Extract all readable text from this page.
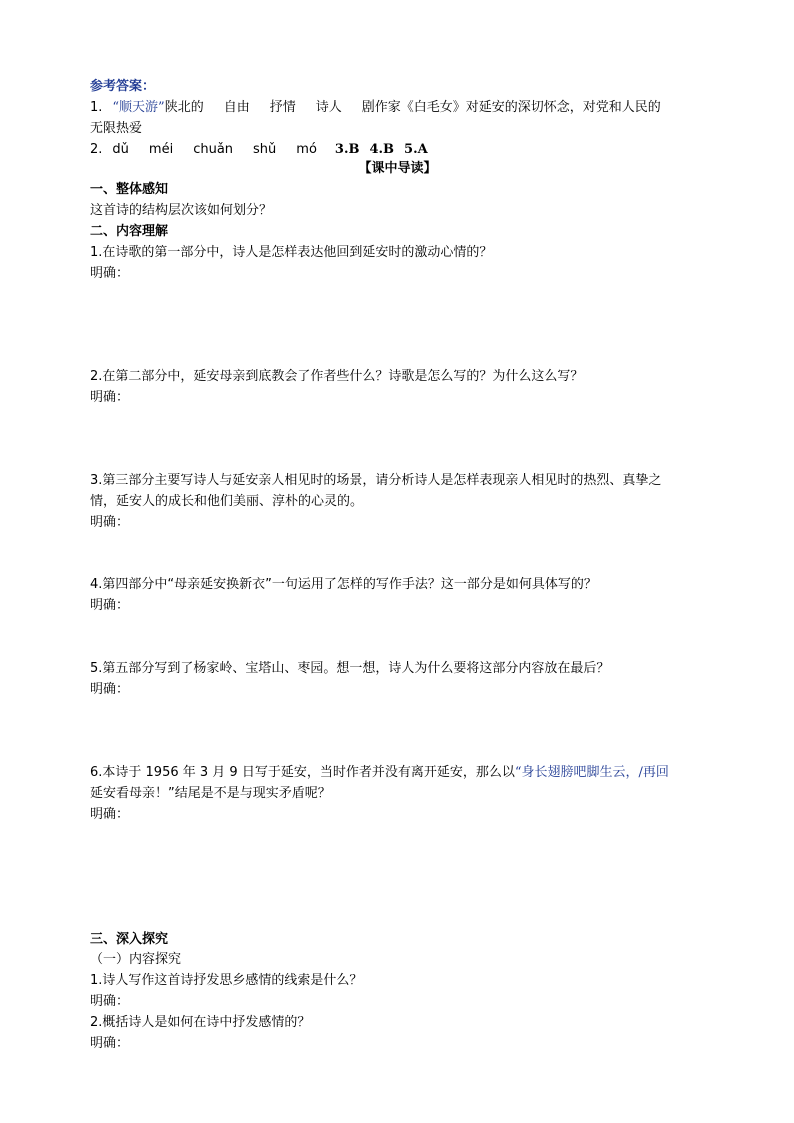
参考答案：
1. “顺天游”陕北的 自由 抒情 诗人 剧作家《白毛女》对延安的深切怀念，对党和人民的
无限热爱
2. dǔ méi chuǎn shǔ mó 3.B 4.B 5.A
【课中导读】
一、整体感知
这首诗的结构层次该如何划分？
二、内容理解
1.在诗歌的第一部分中，诗人是怎样表达他回到延安时的激动心情的？
明确：
2.在第二部分中，延安母亲到底教会了作者些什么？诗歌是怎么写的？为什么这么写？
明确：
3.第三部分主要写诗人与延安亲人相见时的场景，请分析诗人是怎样表现亲人相见时的热烈、真挚之
情，延安人的成长和他们美丽、淳朴的心灵的。
明确：
4.第四部分中“母亲延安换新衣”一句运用了怎样的写作手法？这一部分是如何具体写的？
明确：
5.第五部分写到了杨家岭、宝塔山、枣园。想一想，诗人为什么要将这部分内容放在最后？
明确：
6.本诗于 1956 年 3 月 9 日写于延安，当时作者并没有离开延安，那么以“身长翅膀吧脚生云，/再回
延安看母亲！”结尾是不是与现实矛盾呢？
明确：
三、深入探究
（一）内容探究
1.诗人写作这首诗抒发思乡感情的线索是什么？
明确：
2.概括诗人是如何在诗中抒发感情的？
明确：
